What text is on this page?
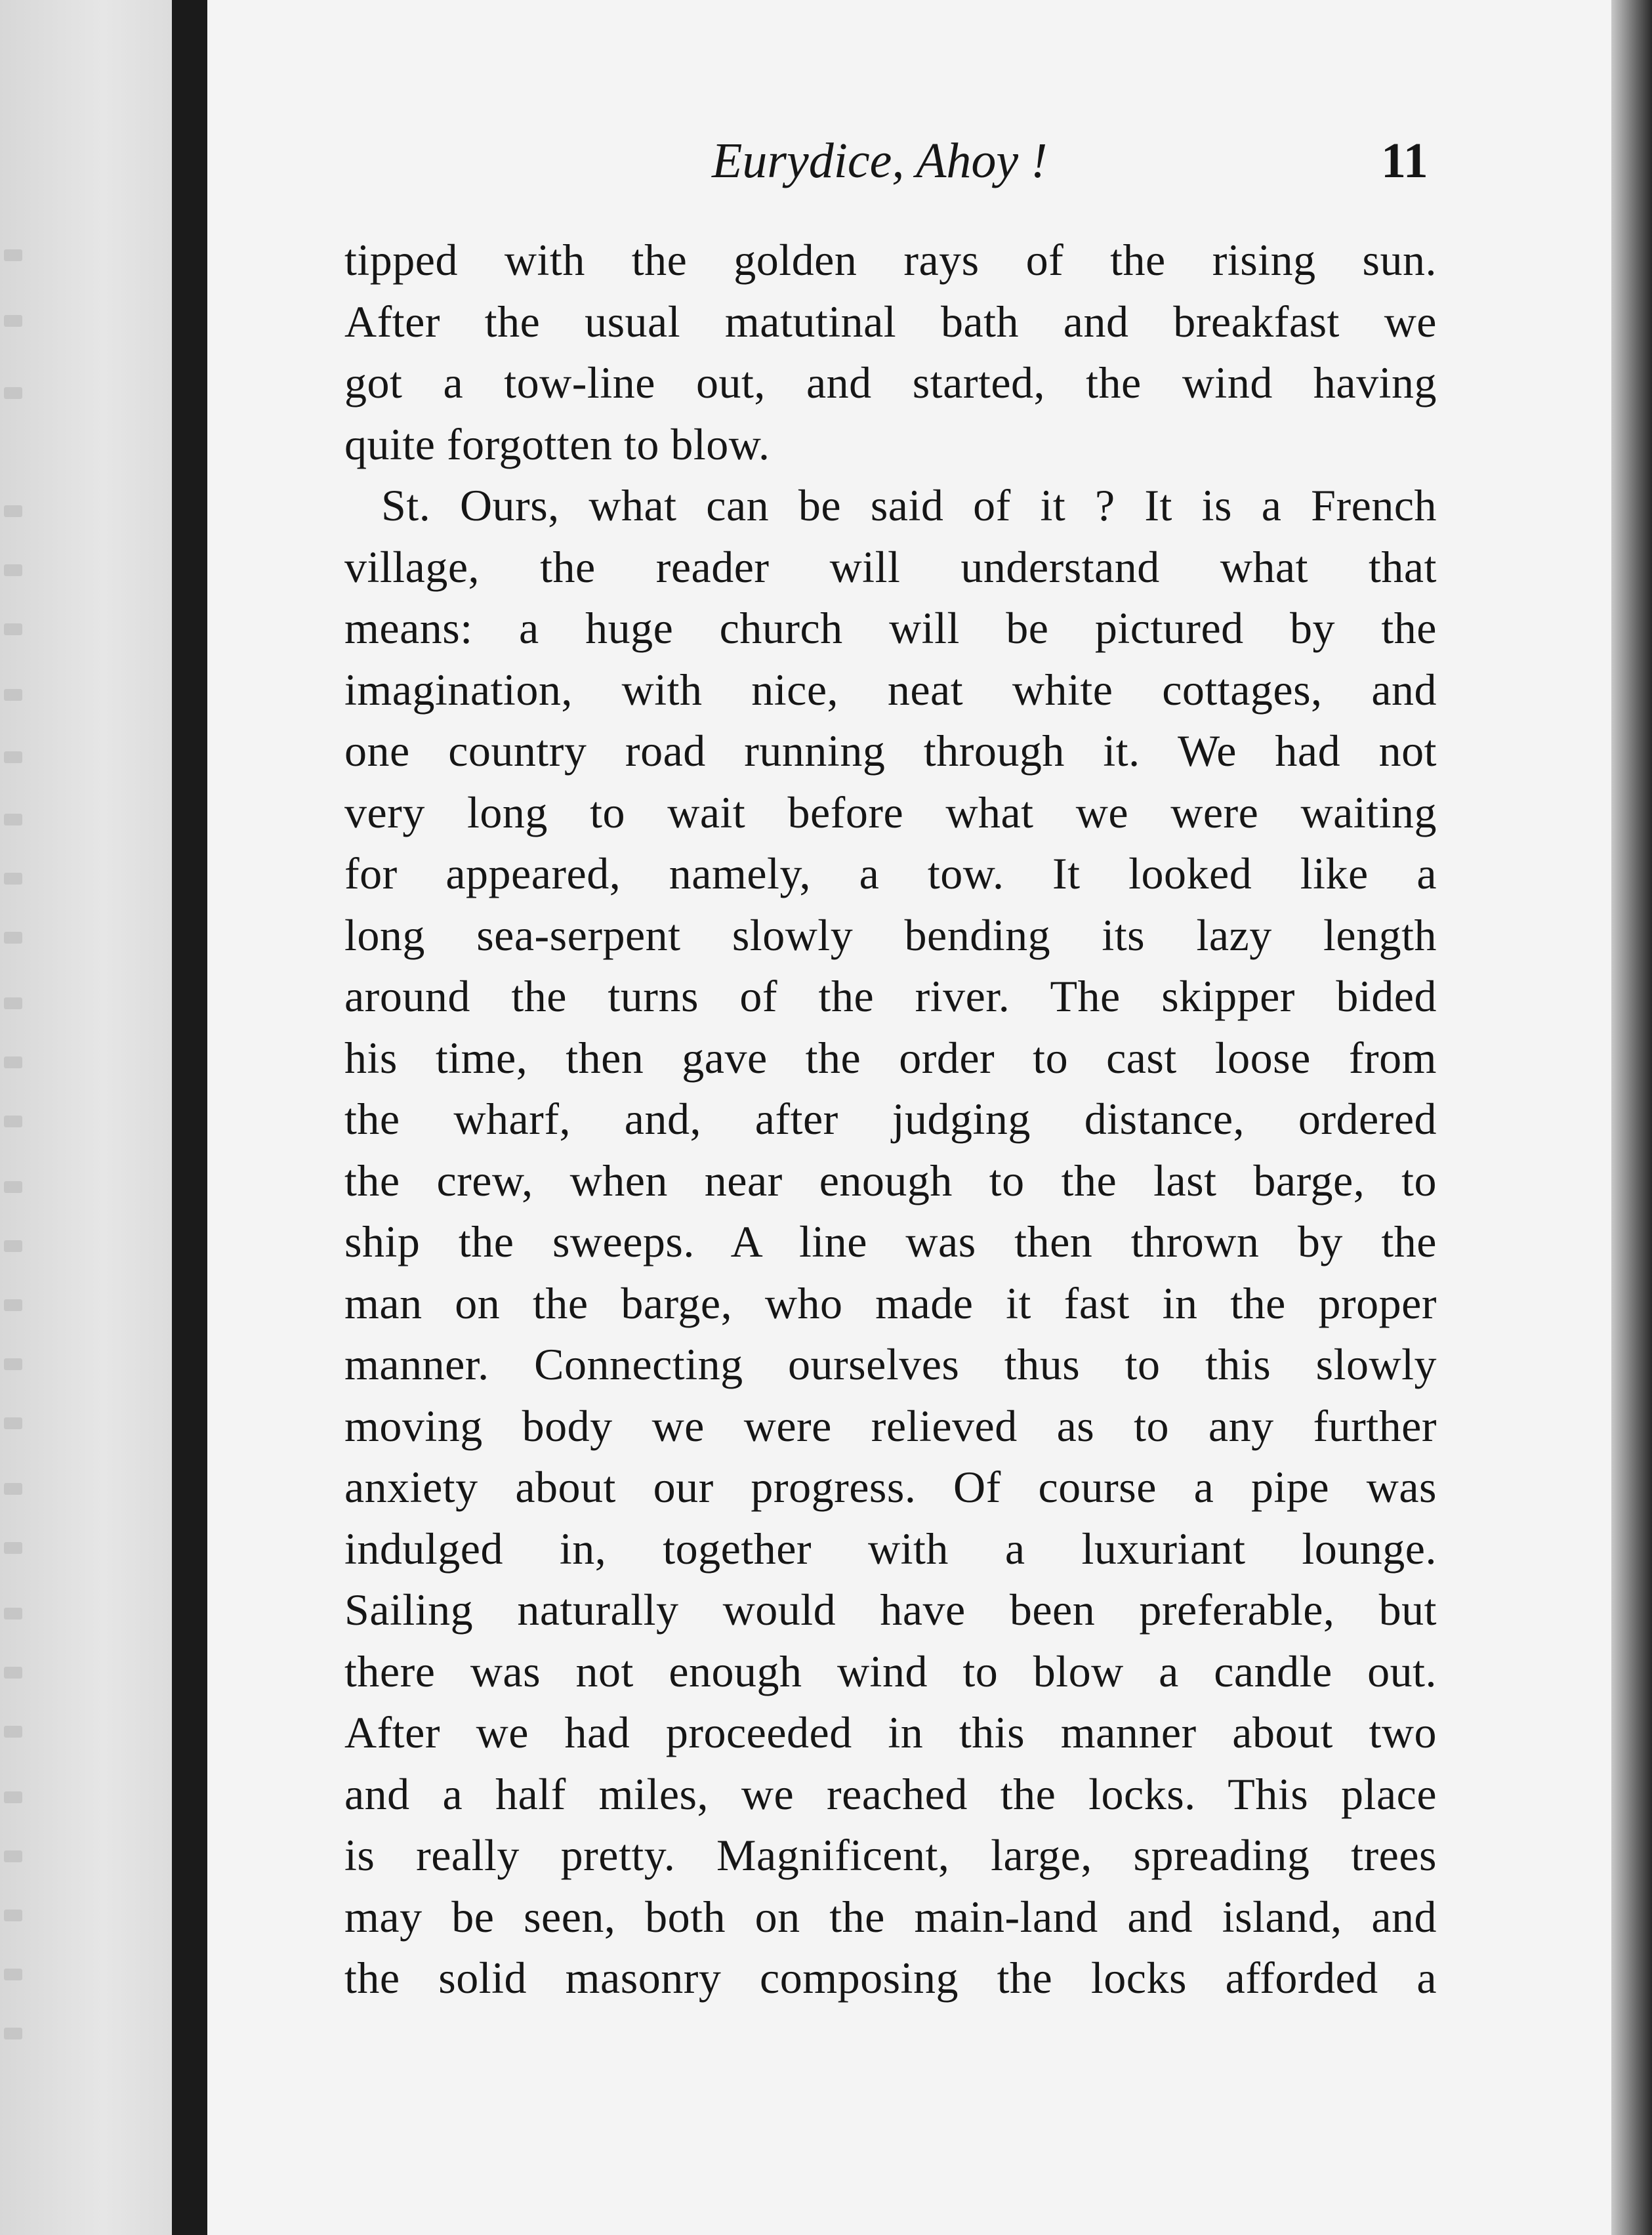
Eurydice, Ahoy !	11
tipped with the golden rays of the rising sun.
After the usual matutinal bath and breakfast we
got a tow-line out, and started, the wind having
quite forgotten to blow.
St. Ours, what can be said of it ? It is a French
village, the reader will understand what that
means: a huge church will be pictured by the
imagination, with nice, neat white cottages, and
one country road running through it. We had not
very long to wait before what we were waiting
for appeared, namely, a tow. It looked like a
long sea-serpent slowly bending its lazy length
around the turns of the river. The skipper bided
his time, then gave the order to cast loose from
the wharf, and, after judging distance, ordered
the crew, when near enough to the last barge, to
ship the sweeps. A line was then thrown by the
man on the barge, who made it fast in the proper
manner. Connecting ourselves thus to this slowly
moving body we were relieved as to any further
anxiety about our progress. Of course a pipe was
indulged in, together with a luxuriant lounge.
Sailing naturally would have been preferable, but
there was not enough wind to blow a candle out.
After we had proceeded in this manner about two
and a half miles, we reached the locks. This place
is really pretty. Magnificent, large, spreading trees
may be seen, both on the main-land and island, and
the solid masonry composing the locks afforded a
